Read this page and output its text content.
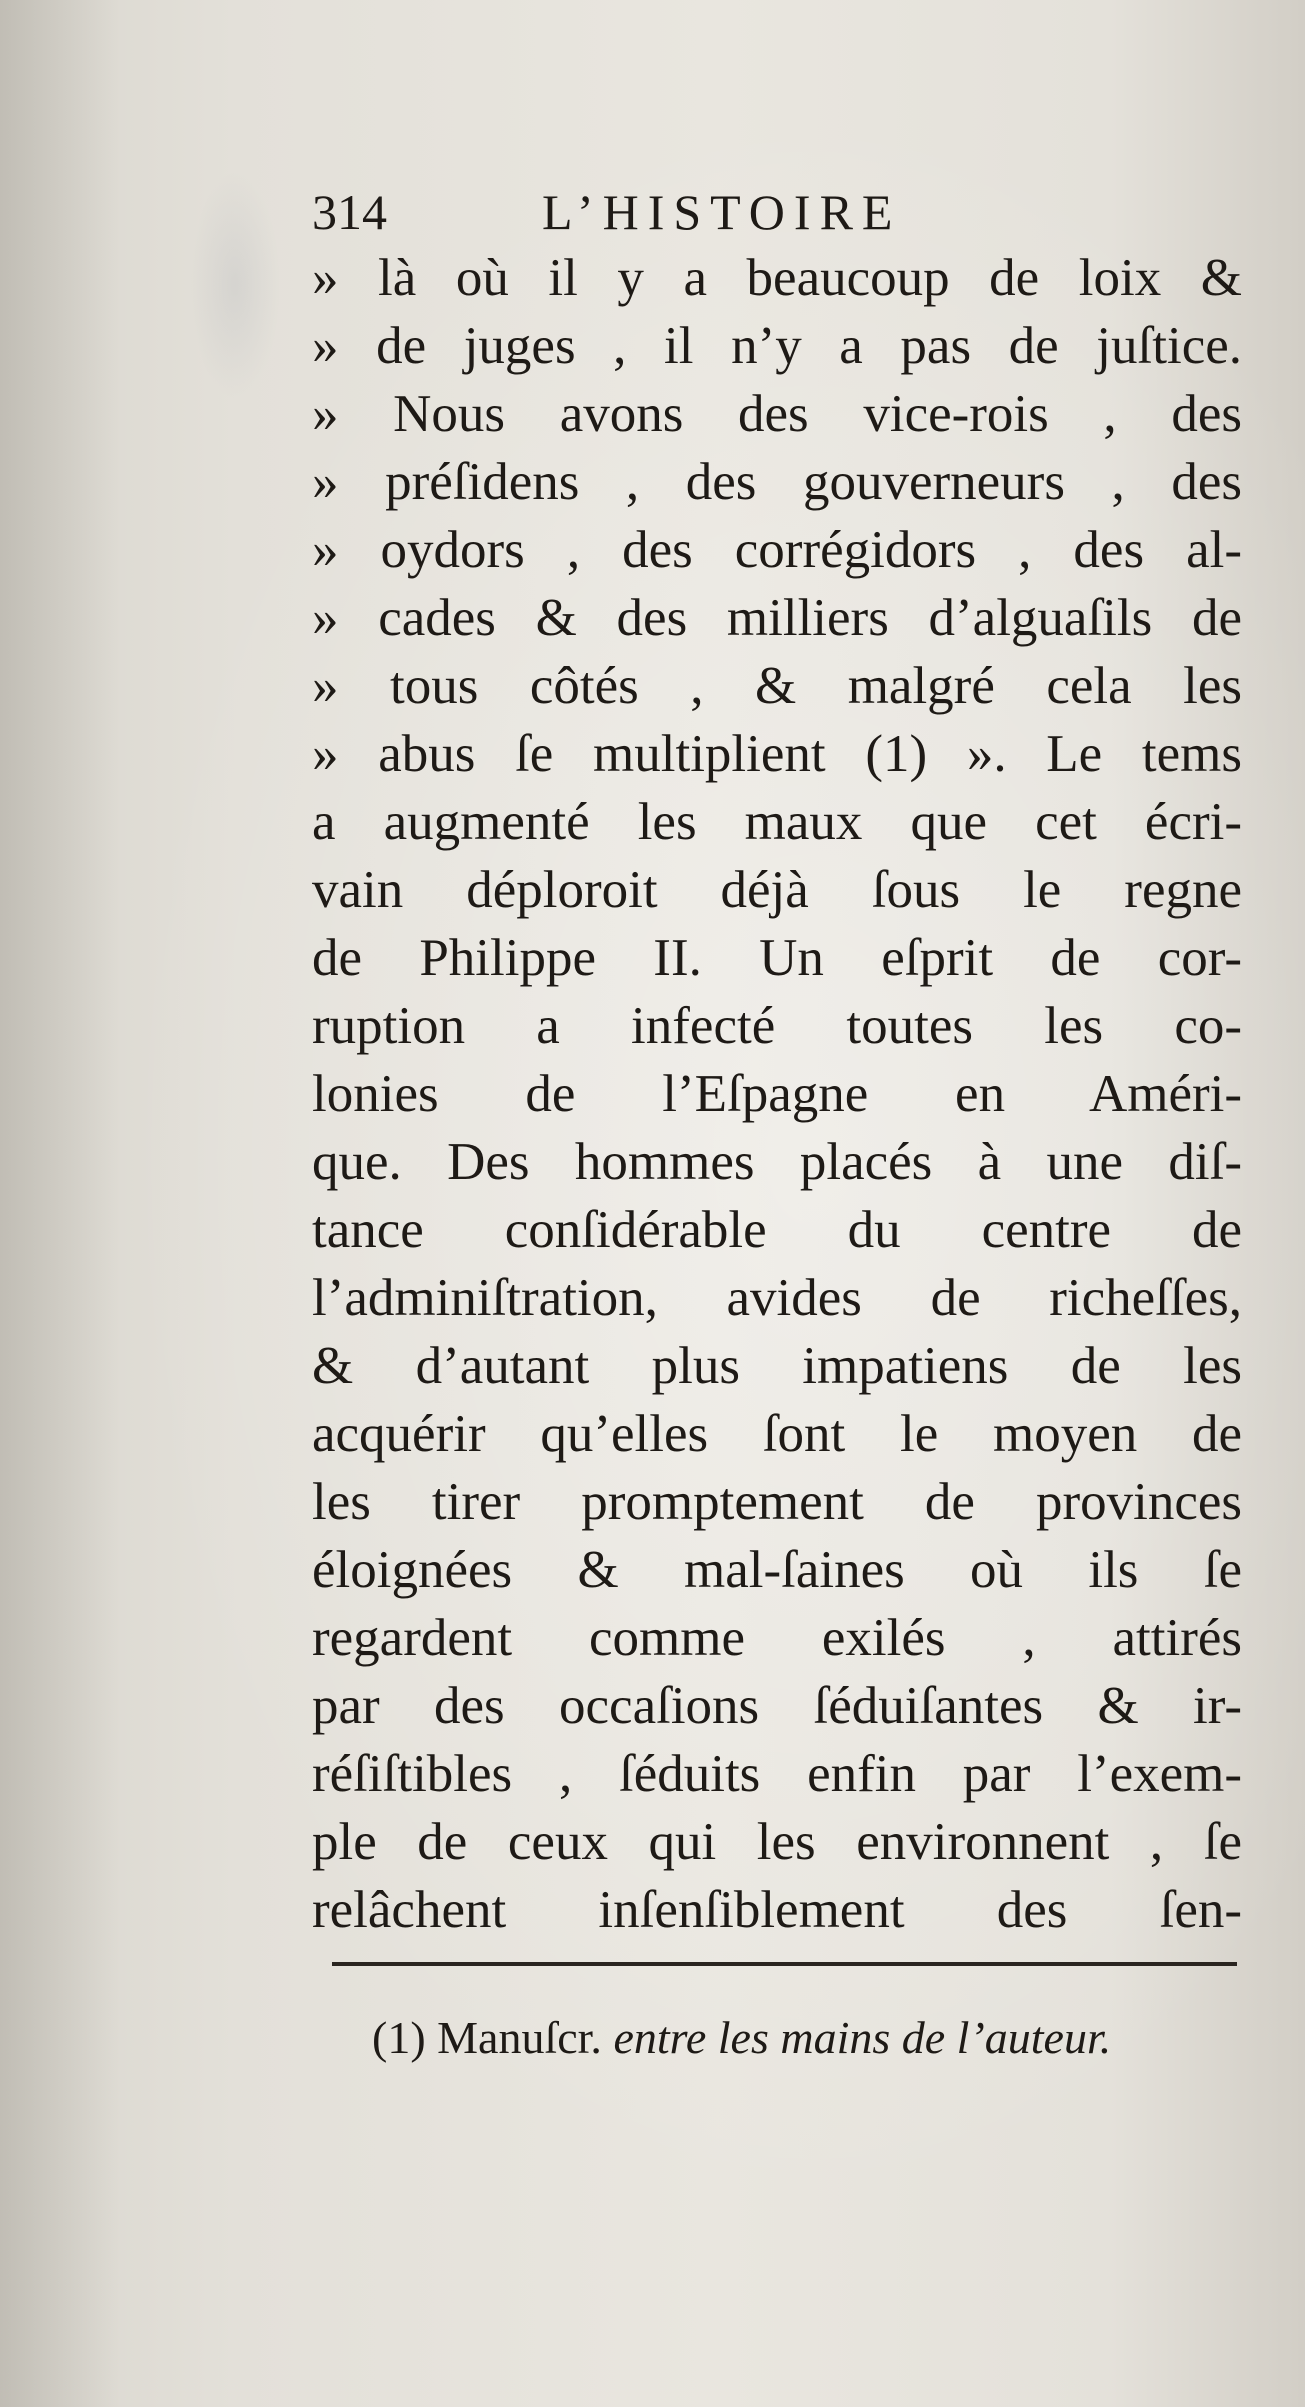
314	L’HISTOIRE
» là où il y a beaucoup de loix &
» de juges , il n’y a pas de juſtice.
» Nous avons des vice-rois , des
» préſidens , des gouverneurs , des
» oydors , des corrégidors , des al-
» cades & des milliers d’alguaſils de
» tous côtés , & malgré cela les
» abus ſe multiplient (1) ». Le tems
a augmenté les maux que cet écri-
vain déploroit déjà ſous le regne
de Philippe II. Un eſprit de cor-
ruption a infecté toutes les co-
lonies de l’Eſpagne en Améri-
que. Des hommes placés à une diſ-
tance conſidérable du centre de
l’adminiſtration, avides de richeſſes,
& d’autant plus impatiens de les
acquérir qu’elles ſont le moyen de
les tirer promptement de provinces
éloignées & mal-ſaines où ils ſe
regardent comme exilés , attirés
par des occaſions ſéduiſantes & ir-
réſiſtibles , ſéduits enfin par l’exem-
ple de ceux qui les environnent , ſe
relâchent inſenſiblement des ſen-
(1) Manuſcr. entre les mains de l’auteur.
